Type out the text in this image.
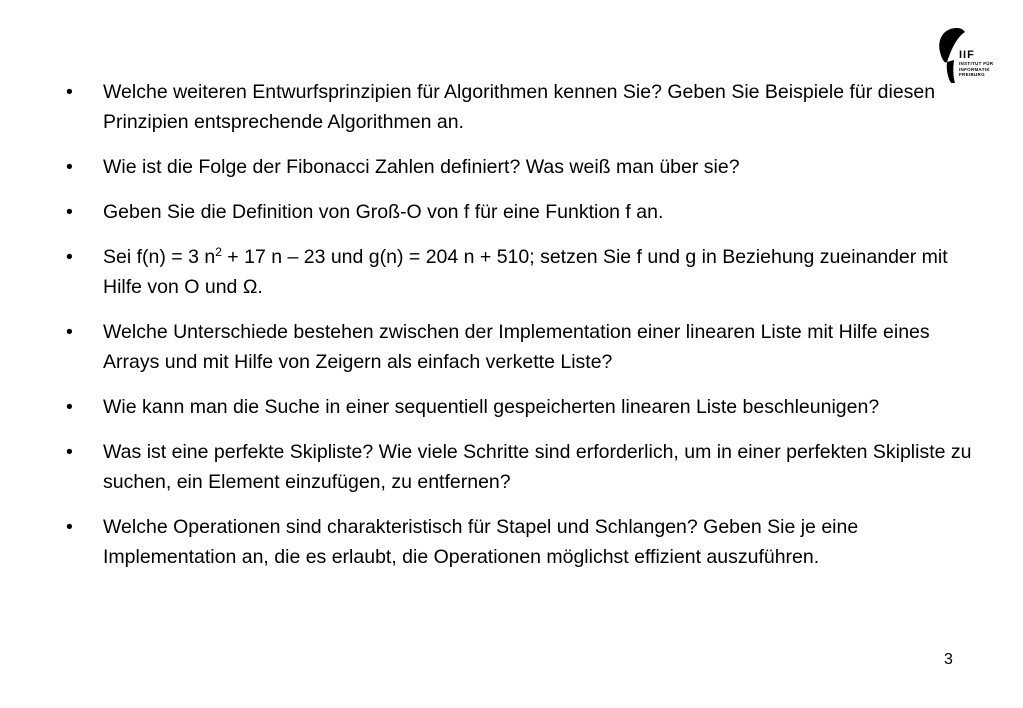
IIF
INSTITUT FÜR
INFORMATIK
FREIBURG
• Welche weiteren Entwurfsprinzipien für Algorithmen kennen Sie? Geben Sie Beispiele für diesen Prinzipien entsprechende Algorithmen an.
• Wie ist die Folge der Fibonacci Zahlen definiert? Was weiß man über sie?
• Geben Sie die Definition von Groß-O von f für eine Funktion f an.
• Sei f(n) = 3 $n^2 + 17$ n – 23 und g(n) = 204 n + 510; setzen Sie f und g in Beziehung zueinander mit Hilfe von O und Ω.
• Welche Unterschiede bestehen zwischen der Implementation einer linearen Liste mit Hilfe eines  Arrays und mit Hilfe von Zeigern als einfach verkette Liste?
• Wie kann man die Suche in einer sequentiell gespeicherten linearen Liste beschleunigen?
• Was ist eine perfekte Skipliste? Wie viele Schritte sind erforderlich, um in einer perfekten Skipliste zu suchen, ein Element einzufügen, zu entfernen?
• Welche Operationen sind charakteristisch für Stapel und Schlangen? Geben Sie je eine Implementation an, die es erlaubt, die Operationen möglichst effizient auszuführen.
3
